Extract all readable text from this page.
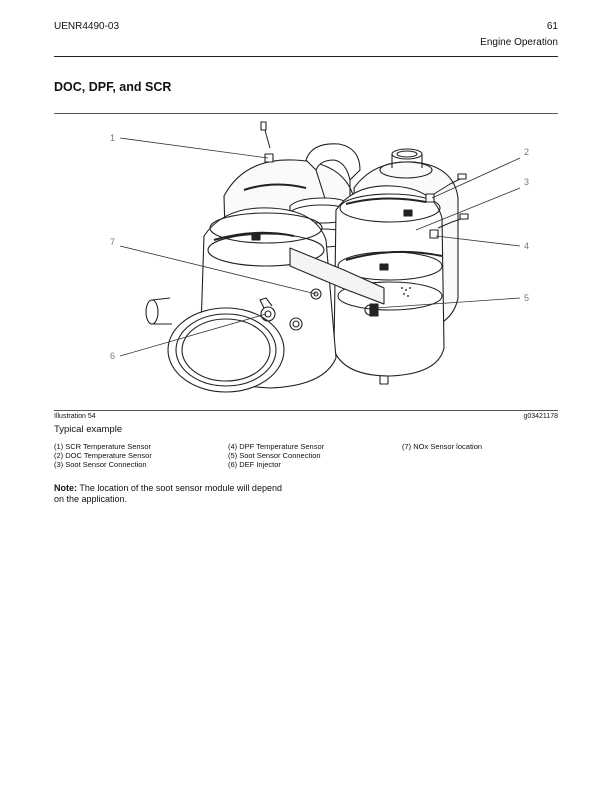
UENR4490-03	61
Engine Operation
DOC, DPF, and SCR
1
2
3
4
5
6
7
Illustration 54	g03421178
Typical example
(1) SCR Temperature Sensor
(2) DOC Temperature Sensor
(3) Soot Sensor Connection
(4) DPF Temperature Sensor
(5) Soot Sensor Connection
(6) DEF Injector
(7) NOx Sensor location
Note: The location of the soot sensor module will depend on the application.
